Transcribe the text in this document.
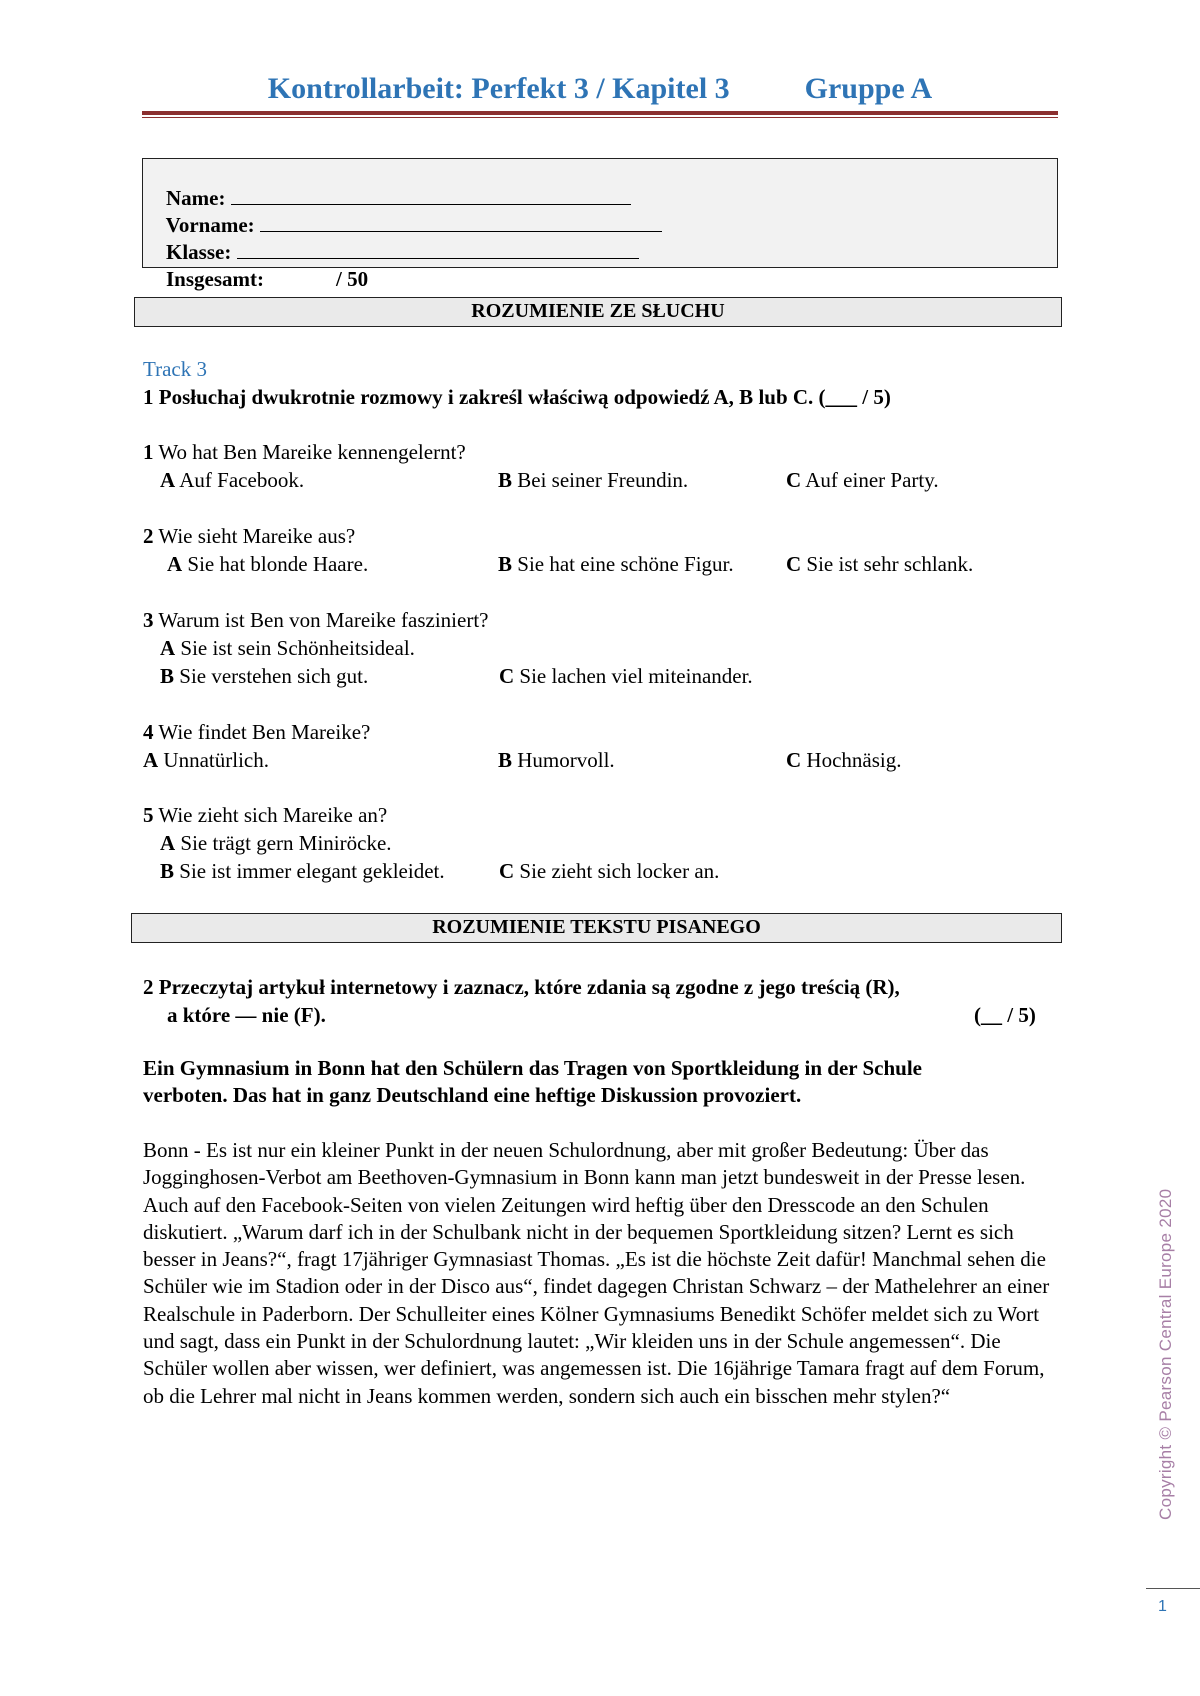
Kontrollarbeit: Perfekt 3 / Kapitel 3          Gruppe A

Name:

Vorname:

Klasse:

Insgesamt:	/ 50

ROZUMIENIE ZE SŁUCHU
Track 3
1 Posłuchaj dwukrotnie rozmowy i zakreśl właściwą odpowiedź A, B lub C. (___ / 5)
1 Wo hat Ben Mareike kennengelernt?
A Auf Facebook.	B Bei seiner Freundin.	C Auf einer Party.
2 Wie sieht Mareike aus?
A Sie hat blonde Haare.	B Sie hat eine schöne Figur. C Sie ist sehr schlank.
3 Warum ist Ben von Mareike fasziniert?
A Sie ist sein Schönheitsideal.
B Sie verstehen sich gut.	C Sie lachen viel miteinander.
4 Wie findet Ben Mareike?
A Unnatürlich.	B Humorvoll.	C Hochnäsig.
5 Wie zieht sich Mareike an?
A Sie trägt gern Miniröcke.
B Sie ist immer elegant gekleidet.	C Sie zieht sich locker an.
ROZUMIENIE TEKSTU PISANEGO
2 Przeczytaj artykuł internetowy i zaznacz, które zdania są zgodne z jego treścią (R),
a które — nie (F).	(__ / 5)
Ein Gymnasium in Bonn hat den Schülern das Tragen von Sportkleidung in der Schule
verboten. Das hat in ganz Deutschland eine heftige Diskussion provoziert.
Bonn - Es ist nur ein kleiner Punkt in der neuen Schulordnung, aber mit großer Bedeutung: Über das Jogginghosen-Verbot am Beethoven-Gymnasium in Bonn kann man jetzt bundesweit in der Presse lesen. Auch auf den Facebook-Seiten von vielen Zeitungen wird heftig über den Dresscode an den Schulen diskutiert. „Warum darf ich in der Schulbank nicht in der bequemen Sportkleidung sitzen? Lernt es sich besser in Jeans?“, fragt 17jähriger Gymnasiast Thomas. „Es ist die höchste Zeit dafür! Manchmal sehen die Schüler wie im Stadion oder in der Disco aus“, findet dagegen Christan Schwarz – der Mathelehrer an einer Realschule in Paderborn. Der Schulleiter eines Kölner Gymnasiums Benedikt Schöfer meldet sich zu Wort und sagt, dass ein Punkt in der Schulordnung lautet: „Wir kleiden uns in der Schule angemessen“. Die Schüler wollen aber wissen, wer definiert, was angemessen ist. Die 16jährige Tamara fragt auf dem Forum, ob die Lehrer mal nicht in Jeans kommen werden, sondern sich auch ein bisschen mehr stylen?“	Copyright © Pearson Central Europe 2020
1
